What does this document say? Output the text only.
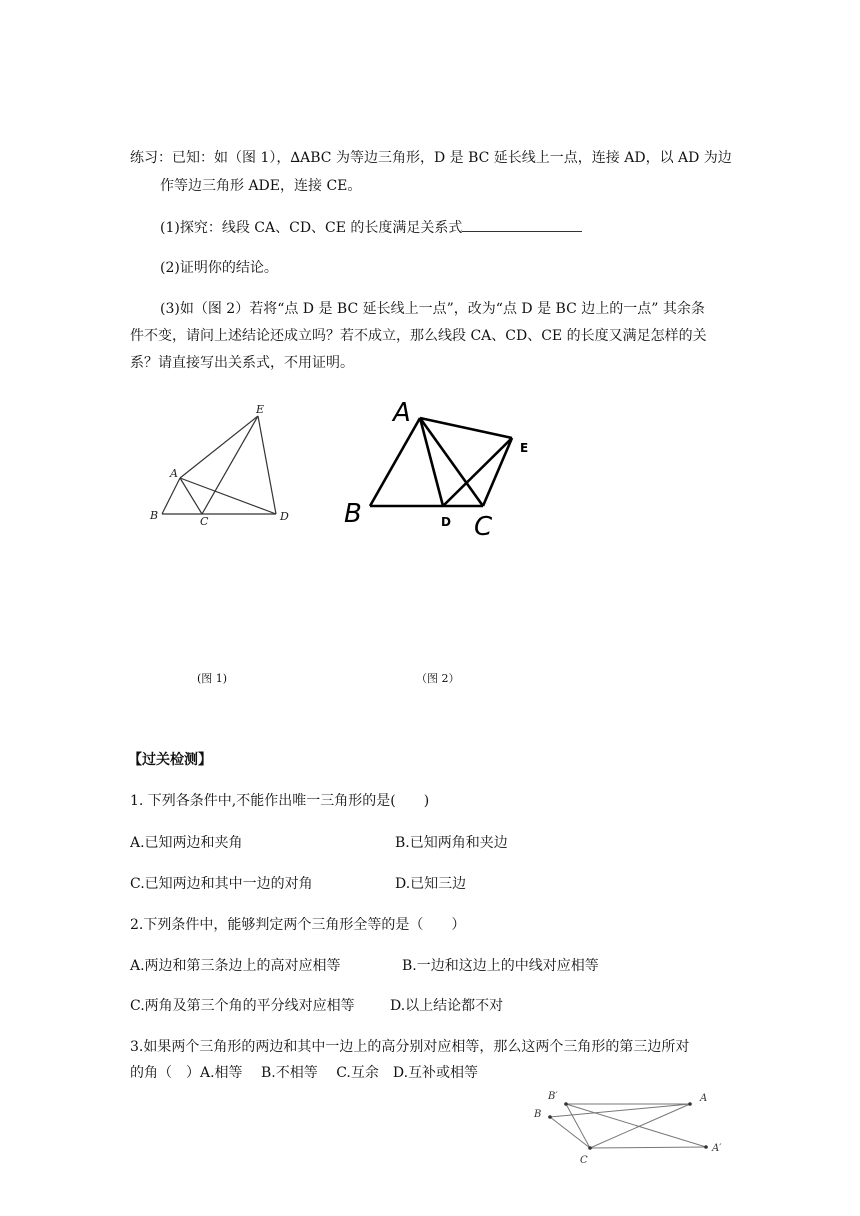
练习：已知：如（图 1），∆ABC 为等边三角形，D 是 BC 延长线上一点，连接 AD，以 AD 为边
作等边三角形 ADE，连接 CE。
(1)探究：线段 CA、CD、CE 的长度满足关系式
(2)证明你的结论。
(3)如（图 2）若将“点 D 是 BC 延长线上一点”，改为“点 D 是 BC 边上的一点” 其余条
件不变，请问上述结论还成立吗？若不成立，那么线段 CA、CD、CE 的长度又满足怎样的关
系？请直接写出关系式，不用证明。
E
A
B	C	D
A
B	D C
E
(图 1)	（图 2）
【过关检测】
1. 下列各条件中,不能作出唯一三角形的是(　　)
A.已知两边和夹角	B.已知两角和夹边
C.已知两边和其中一边的对角	D.已知三边
2.下列条件中，能够判定两个三角形全等的是（　　）
A.两边和第三条边上的高对应相等	B.一边和这边上的中线对应相等
C.两角及第三个角的平分线对应相等	D.以上结论都不对
3.如果两个三角形的两边和其中一边上的高分别对应相等，那么这两个三角形的第三边所对
的角（　）A.相等　 B.不相等　 C.互余　D.互补或相等
B′
B
A
A′
C
